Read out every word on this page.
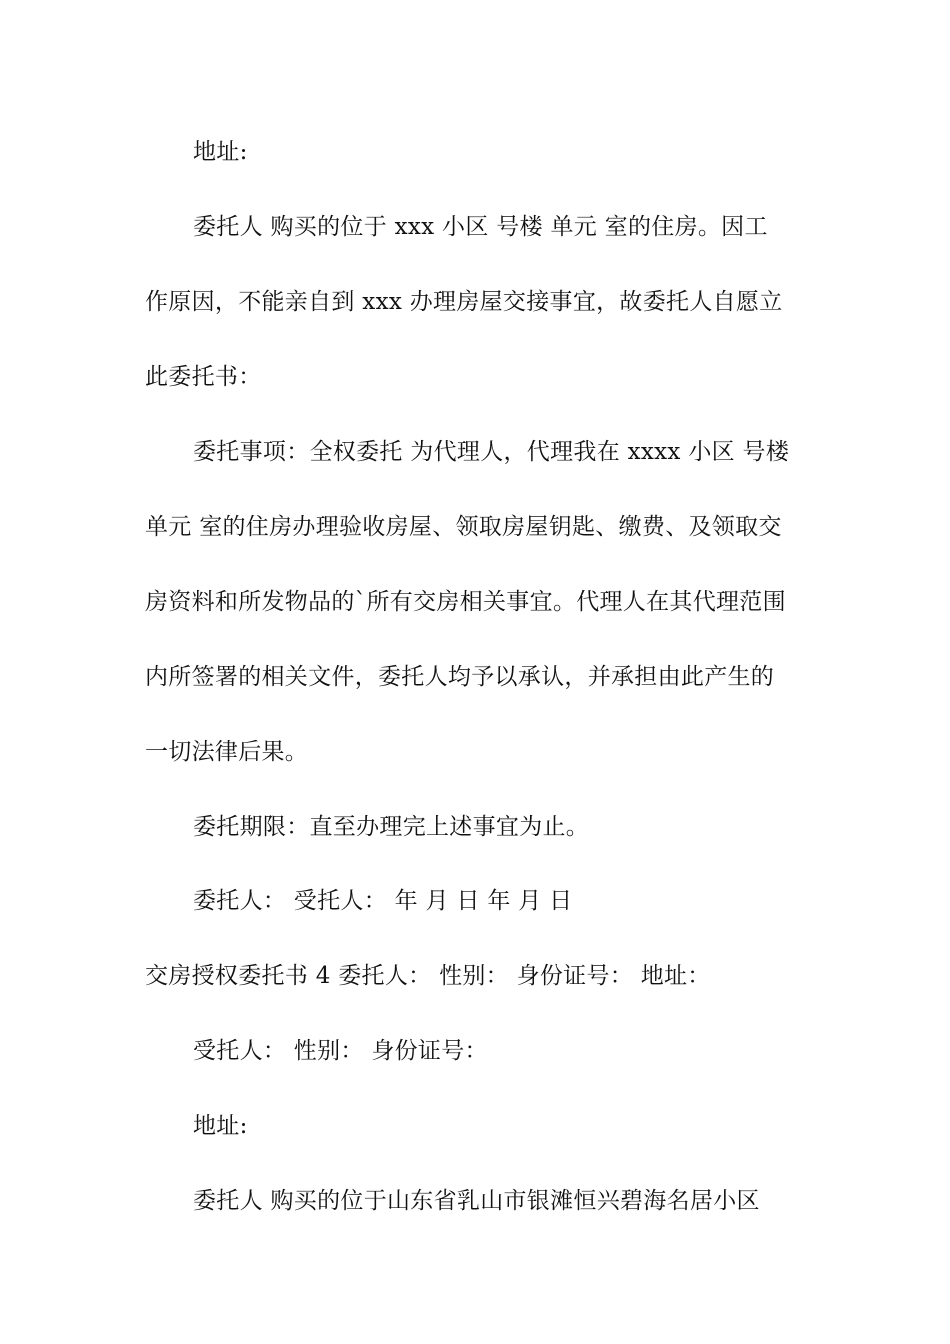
地址:
委托人 购买的位于 xxx 小区 号楼 单元 室的住房。因工
作原因，不能亲自到 xxx 办理房屋交接事宜，故委托人自愿立
此委托书：
委托事项：全权委托 为代理人，代理我在 xxxx 小区 号楼
单元 室的住房办理验收房屋、领取房屋钥匙、缴费、及领取交
房资料和所发物品的`所有交房相关事宜。代理人在其代理范围
内所签署的相关文件，委托人均予以承认，并承担由此产生的
一切法律后果。
委托期限：直至办理完上述事宜为止。
委托人： 受托人： 年 月 日 年 月 日
交房授权委托书 4 委托人： 性别： 身份证号： 地址：
受托人： 性别： 身份证号：
地址:
委托人 购买的位于山东省乳山市银滩恒兴碧海名居小区
